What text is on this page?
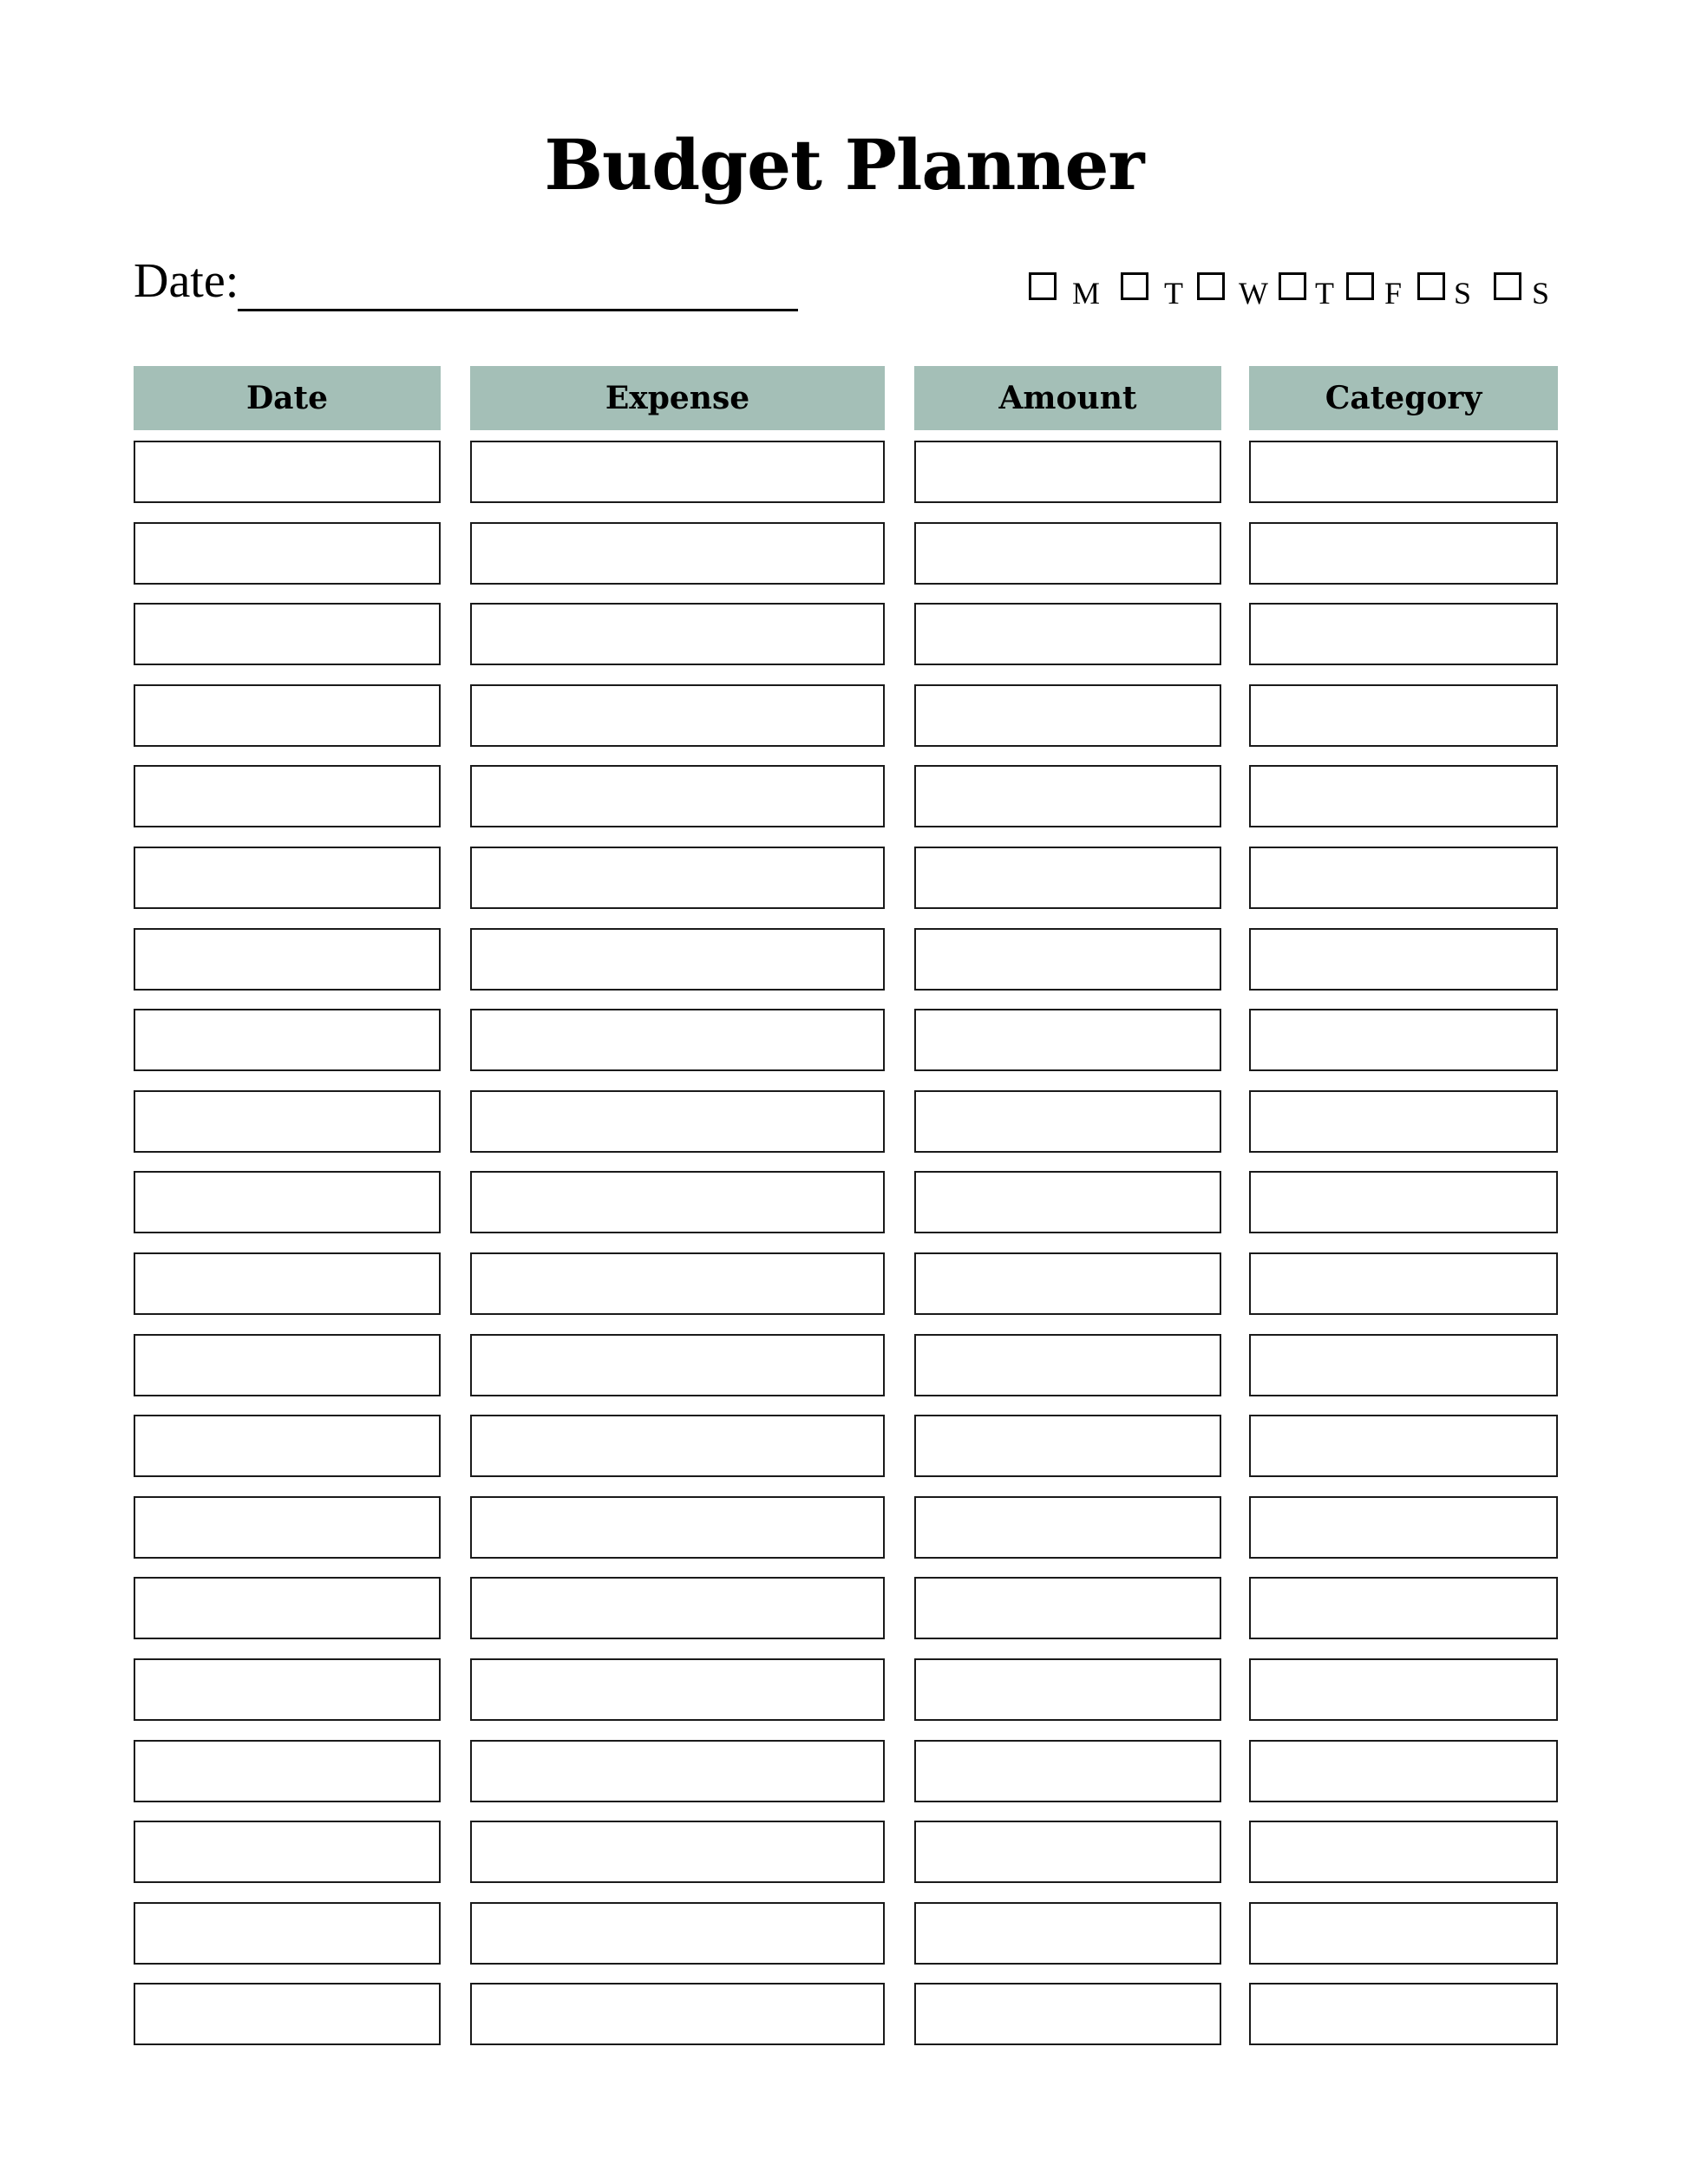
Budget Planner
Date:	M T W T F S S
Date	Expense	Amount	Category
